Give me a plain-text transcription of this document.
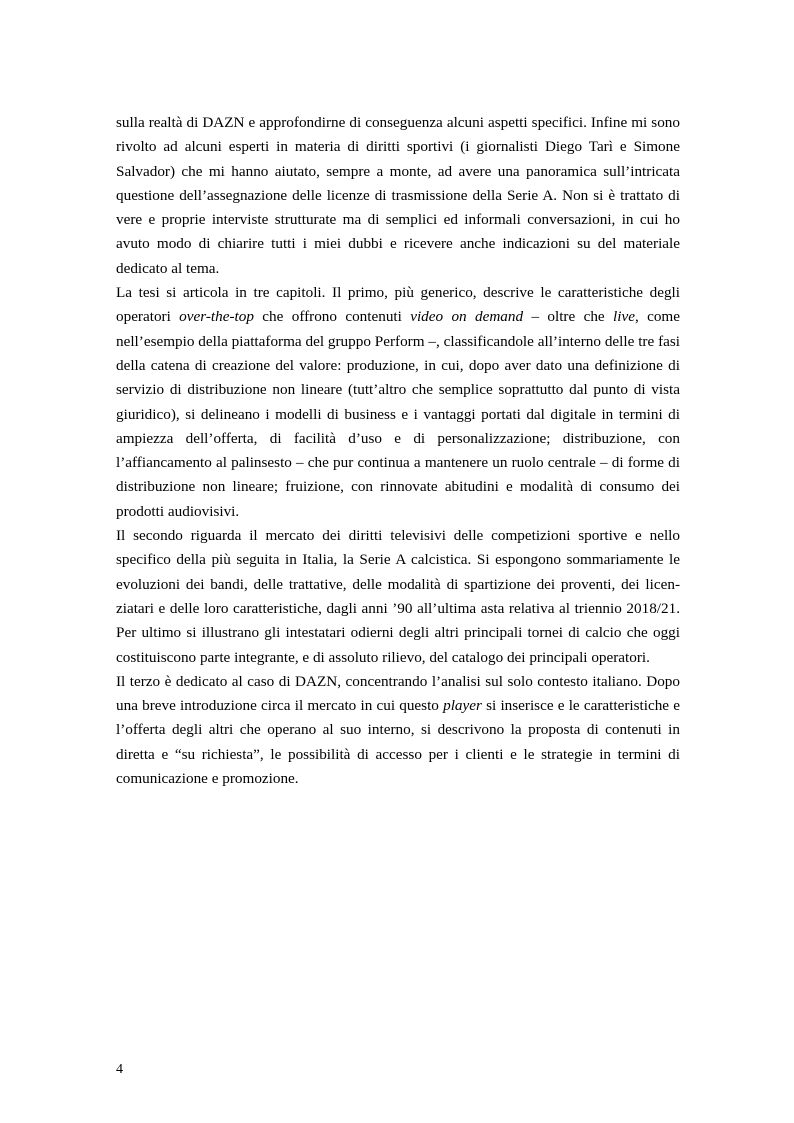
sulla realtà di DAZN e approfondirne di conseguenza alcuni aspetti specifici. Infine mi sono rivolto ad alcuni esperti in materia di diritti sportivi (i giornalisti Diego Tarì e Simone Salvador) che mi hanno aiutato, sempre a monte, ad avere una panoramica sull’intricata questione dell’assegnazione delle licenze di trasmissione della Serie A. Non si è trattato di vere e proprie interviste strutturate ma di semplici ed informali conversazioni, in cui ho avuto modo di chiarire tutti i miei dubbi e ricevere anche indicazioni su del materiale dedicato al tema.

La tesi si articola in tre capitoli. Il primo, più generico, descrive le caratteristiche degli operatori over-the-top che offrono contenuti video on demand – oltre che live, come nell’esempio della piattaforma del gruppo Perform –, classificandole all’interno delle tre fasi della catena di creazione del valore: produzione, in cui, dopo aver dato una definizione di servizio di distribuzione non lineare (tutt’altro che semplice soprattutto dal punto di vista giuridico), si delineano i modelli di business e i vantaggi portati dal digitale in termini di ampiezza dell’offerta, di facilità d’uso e di personalizzazione; distribuzione, con l’affiancamento al palinsesto – che pur continua a mantenere un ruolo centrale – di forme di distribuzione non lineare; fruizione, con rinnovate abitudini e modalità di consumo dei prodotti audiovisivi.

Il secondo riguarda il mercato dei diritti televisivi delle competizioni sportive e nello specifico della più seguita in Italia, la Serie A calcistica. Si espongono sommariamente le evoluzioni dei bandi, delle trattative, delle modalità di spartizione dei proventi, dei licenziatari e delle loro caratteristiche, dagli anni ’90 all’ultima asta relativa al triennio 2018/21. Per ultimo si illustrano gli intestatari odierni degli altri principali tornei di calcio che oggi costituiscono parte integrante, e di assoluto rilievo, del catalogo dei principali operatori.

Il terzo è dedicato al caso di DAZN, concentrando l’analisi sul solo contesto italiano. Dopo una breve introduzione circa il mercato in cui questo player si inserisce e le caratteristiche e l’offerta degli altri che operano al suo interno, si descrivono la proposta di contenuti in diretta e “su richiesta”, le possibilità di accesso per i clienti e le strategie in termini di comunicazione e promozione.

4
